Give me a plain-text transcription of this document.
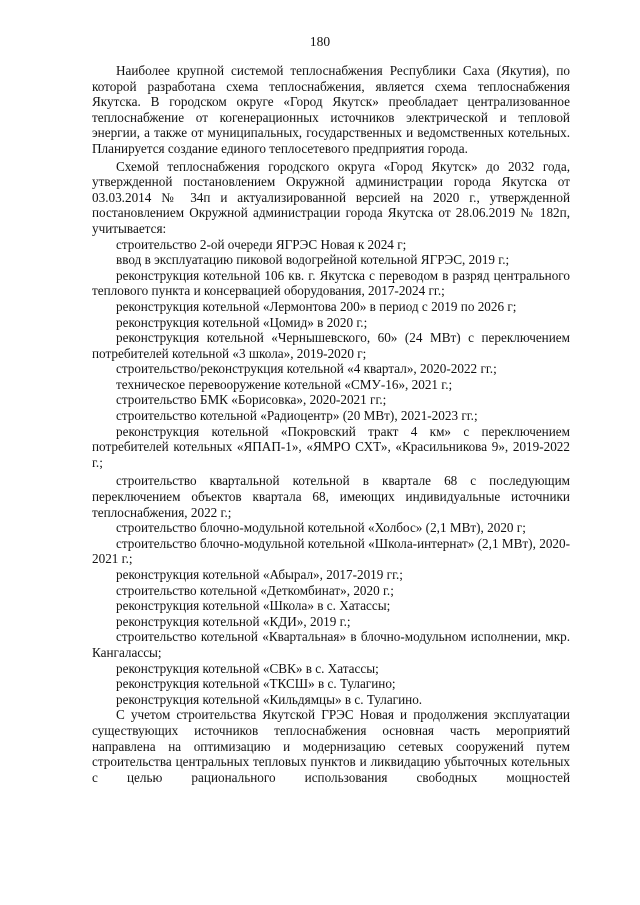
180

Наиболее крупной системой теплоснабжения Республики Саха (Якутия), по которой разработана схема теплоснабжения, является схема теплоснабжения Якутска. В городском округе «Город Якутск» преобладает централизованное теплоснабжение от когенерационных источников электрической и тепловой энергии, а также от муниципальных, государственных и ведомственных котельных. Планируется создание единого теплосетевого предприятия города.

Схемой теплоснабжения городского округа «Город Якутск» до 2032 года, утвержденной постановлением Окружной администрации города Якутска от 03.03.2014 № 34п и актуализированной версией на 2020 г., утвержденной постановлением Окружной администрации города Якутска от 28.06.2019 № 182п, учитывается:

строительство 2-ой очереди ЯГРЭС Новая к 2024 г;

ввод в эксплуатацию пиковой водогрейной котельной ЯГРЭС, 2019 г.;

реконструкция котельной 106 кв. г. Якутска с переводом в разряд центрального теплового пункта и консервацией оборудования, 2017-2024 гг.;

реконструкция котельной «Лермонтова 200» в период с 2019 по 2026 г;

реконструкция котельной «Цомид» в 2020 г.;

реконструкция котельной «Чернышевского, 60» (24 МВт) с переключением потребителей котельной «3 школа», 2019-2020 г;

строительство/реконструкция котельной «4 квартал», 2020-2022 гг.;

техническое перевооружение котельной «СМУ-16», 2021 г.;

строительство БМК «Борисовка», 2020-2021 гг.;

строительство котельной «Радиоцентр» (20 МВт), 2021-2023 гг.;

реконструкция котельной «Покровский тракт 4 км» с переключением потребителей котельных «ЯПАП-1», «ЯМРО СХТ», «Красильникова 9», 2019-2022 г.;

строительство квартальной котельной в квартале 68 с последующим переключением объектов квартала 68, имеющих индивидуальные источники теплоснабжения, 2022 г.;

строительство блочно-модульной котельной «Холбос» (2,1 МВт), 2020 г;

строительство блочно-модульной котельной «Школа-интернат» (2,1 МВт), 2020-2021 г.;

реконструкция котельной «Абырал», 2017-2019 гг.;

строительство котельной «Деткомбинат», 2020 г.;

реконструкция котельной «Школа» в с. Хатассы;

реконструкция котельной «КДИ», 2019 г.;

строительство котельной «Квартальная» в блочно-модульном исполнении, мкр. Кангалассы;

реконструкция котельной «СВК» в с. Хатассы;

реконструкция котельной «ТКСШ» в с. Тулагино;

реконструкция котельной «Кильдямцы» в с. Тулагино.

С учетом строительства Якутской ГРЭС Новая и продолжения эксплуатации существующих источников теплоснабжения основная часть мероприятий направлена на оптимизацию и модернизацию сетевых сооружений путем строительства центральных тепловых пунктов и ликвидацию убыточных котельных с целью рационального использования свободных мощностей
